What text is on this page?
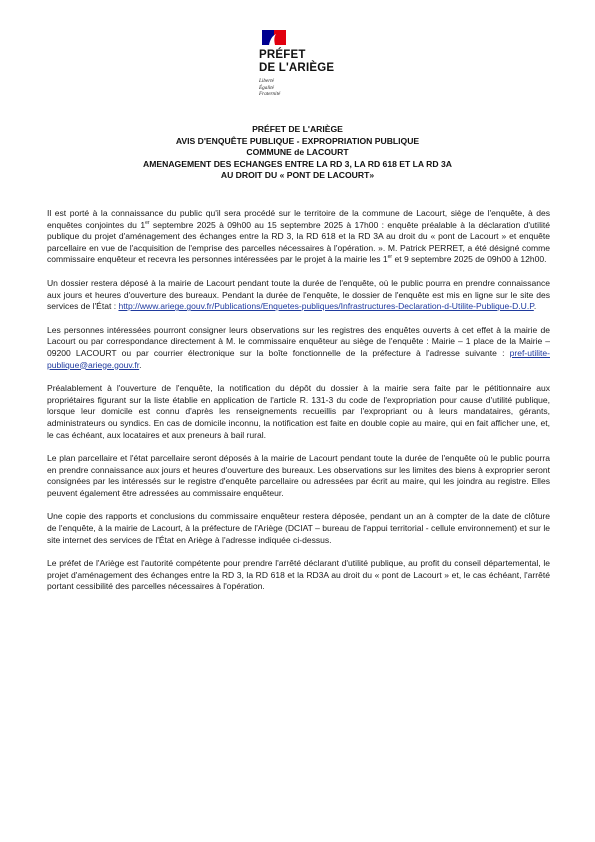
PRÉFET
DE L'ARIÈGE
Liberté
Égalité
Fraternité
PRÉFET DE L'ARIÈGE
AVIS D'ENQUÊTE PUBLIQUE - EXPROPRIATION PUBLIQUE
COMMUNE de LACOURT
AMENAGEMENT DES ECHANGES ENTRE LA RD 3, LA RD 618 ET LA RD 3A
AU DROIT DU « PONT DE LACOURT»

Il est porté à la connaissance du public qu'il sera procédé sur le territoire de la commune de Lacourt, siège de l'enquête, à des enquêtes conjointes du 1er septembre 2025 à 09h00 au 15 septembre 2025 à 17h00 : enquête préalable à la déclaration d'utilité publique du projet d'aménagement des échanges entre la RD 3, la RD 618 et la RD 3A au droit du « pont de Lacourt » et enquête parcellaire en vue de l'acquisition de l'emprise des parcelles nécessaires à l'opération. ». M. Patrick PERRET, a été désigné comme commissaire enquêteur et recevra les personnes intéressées par le projet à la mairie les 1er et 9 septembre 2025 de 09h00 à 12h00.

Un dossier restera déposé à la mairie de Lacourt pendant toute la durée de l'enquête, où le public pourra en prendre connaissance aux jours et heures d'ouverture des bureaux. Pendant la durée de l'enquête, le dossier de l'enquête est mis en ligne sur le site des services de l'État : http://www.ariege.gouv.fr/Publications/Enquetes-publiques/Infrastructures-Declaration-d-Utilite-Publique-D.U.P.

Les personnes intéressées pourront consigner leurs observations sur les registres des enquêtes ouverts à cet effet à la mairie de Lacourt ou par correspondance directement à M. le commissaire enquêteur au siège de l'enquête : Mairie – 1 place de la Mairie – 09200 LACOURT ou par courrier électronique sur la boîte fonctionnelle de la préfecture à l'adresse suivante : pref-utilite-publique@ariege.gouv.fr.

Préalablement à l'ouverture de l'enquête, la notification du dépôt du dossier à la mairie sera faite par le pétitionnaire aux propriétaires figurant sur la liste établie en application de l'article R. 131-3 du code de l'expropriation pour cause d'utilité publique, lorsque leur domicile est connu d'après les renseignements recueillis par l'expropriant ou à leurs mandataires, gérants, administrateurs ou syndics. En cas de domicile inconnu, la notification est faite en double copie au maire, qui en fait afficher une, et, le cas échéant, aux locataires et aux preneurs à bail rural.

Le plan parcellaire et l'état parcellaire seront déposés à la mairie de Lacourt pendant toute la durée de l'enquête où le public pourra en prendre connaissance aux jours et heures d'ouverture des bureaux. Les observations sur les limites des biens à exproprier seront consignées par les intéressés sur le registre d'enquête parcellaire ou adressées par écrit au maire, qui les joindra au registre. Elles peuvent également être adressées au commissaire enquêteur.

Une copie des rapports et conclusions du commissaire enquêteur restera déposée, pendant un an à compter de la date de clôture de l'enquête, à la mairie de Lacourt, à la préfecture de l'Ariège (DCIAT – bureau de l'appui territorial - cellule environnement) et sur le site internet des services de l'État en Ariège à l'adresse indiquée ci-dessus.

Le préfet de l'Ariège est l'autorité compétente pour prendre l'arrêté déclarant d'utilité publique, au profit du conseil départemental, le projet d'aménagement des échanges entre la RD 3, la RD 618 et la RD3A au droit du « pont de Lacourt » et, le cas échéant, l'arrêté portant cessibilité des parcelles nécessaires à l'opération.
